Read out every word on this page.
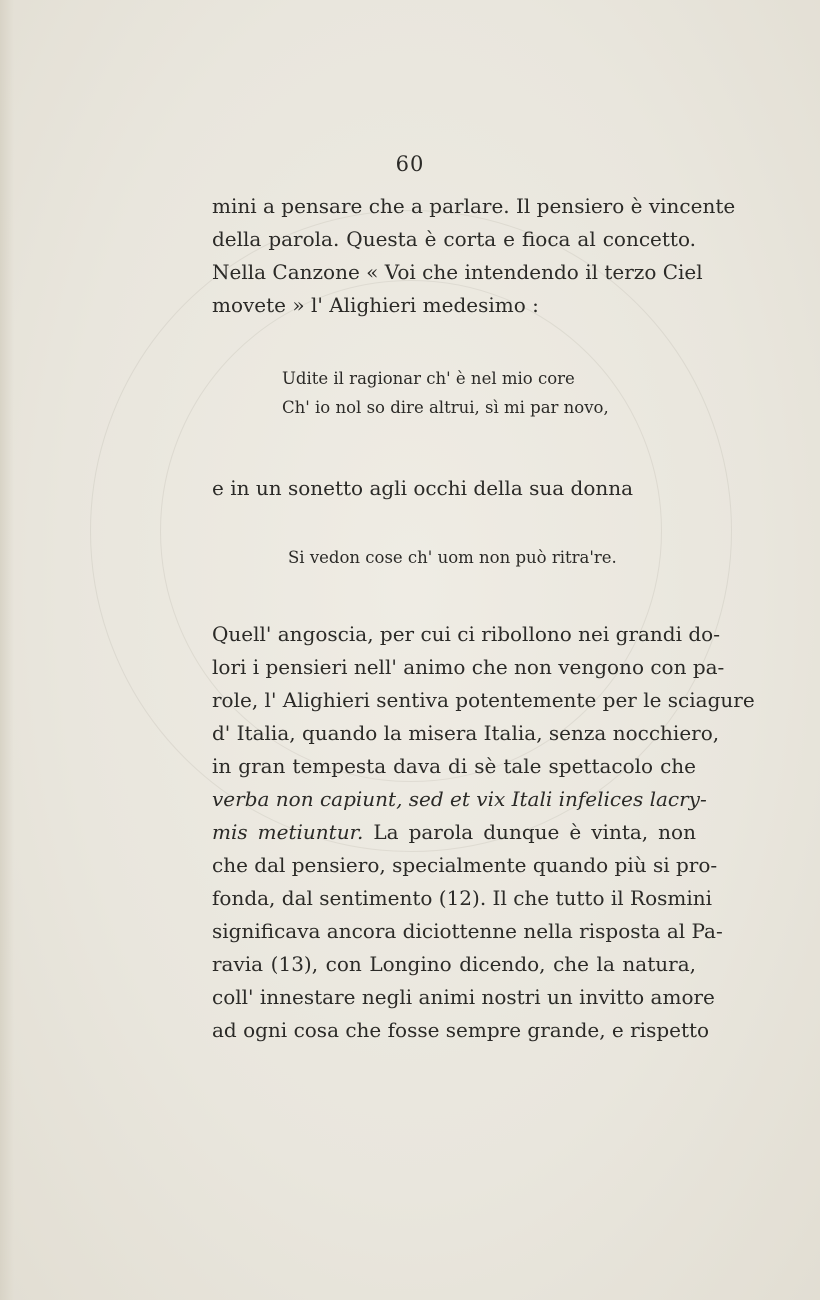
60
mini a pensare che a parlare. Il pensiero è vincente
della parola. Questa è corta e fioca al concetto.
Nella Canzone « Voi che intendendo il terzo Ciel
movete » l' Alighieri medesimo :
Udite il ragionar ch' è nel mio core
Ch' io nol so dire altrui, sì mi par novo,
e in un sonetto agli occhi della sua donna
Si vedon cose ch' uom non può ritra're.
Quell' angoscia, per cui ci ribollono nei grandi do-
lori i pensieri nell' animo che non vengono con pa-
role, l' Alighieri sentiva potentemente per le sciagure
d' Italia, quando la misera Italia, senza nocchiero,
in gran tempesta dava di sè tale spettacolo che
verba non capiunt, sed et vix Itali infelices lacry-
mis metiuntur. La parola dunque è vinta, non
che dal pensiero, specialmente quando più si pro-
fonda, dal sentimento (12). Il che tutto il Rosmini
significava ancora diciottenne nella risposta al Pa-
ravia (13), con Longino dicendo, che la natura,
coll' innestare negli animi nostri un invitto amore
ad ogni cosa che fosse sempre grande, e rispetto
